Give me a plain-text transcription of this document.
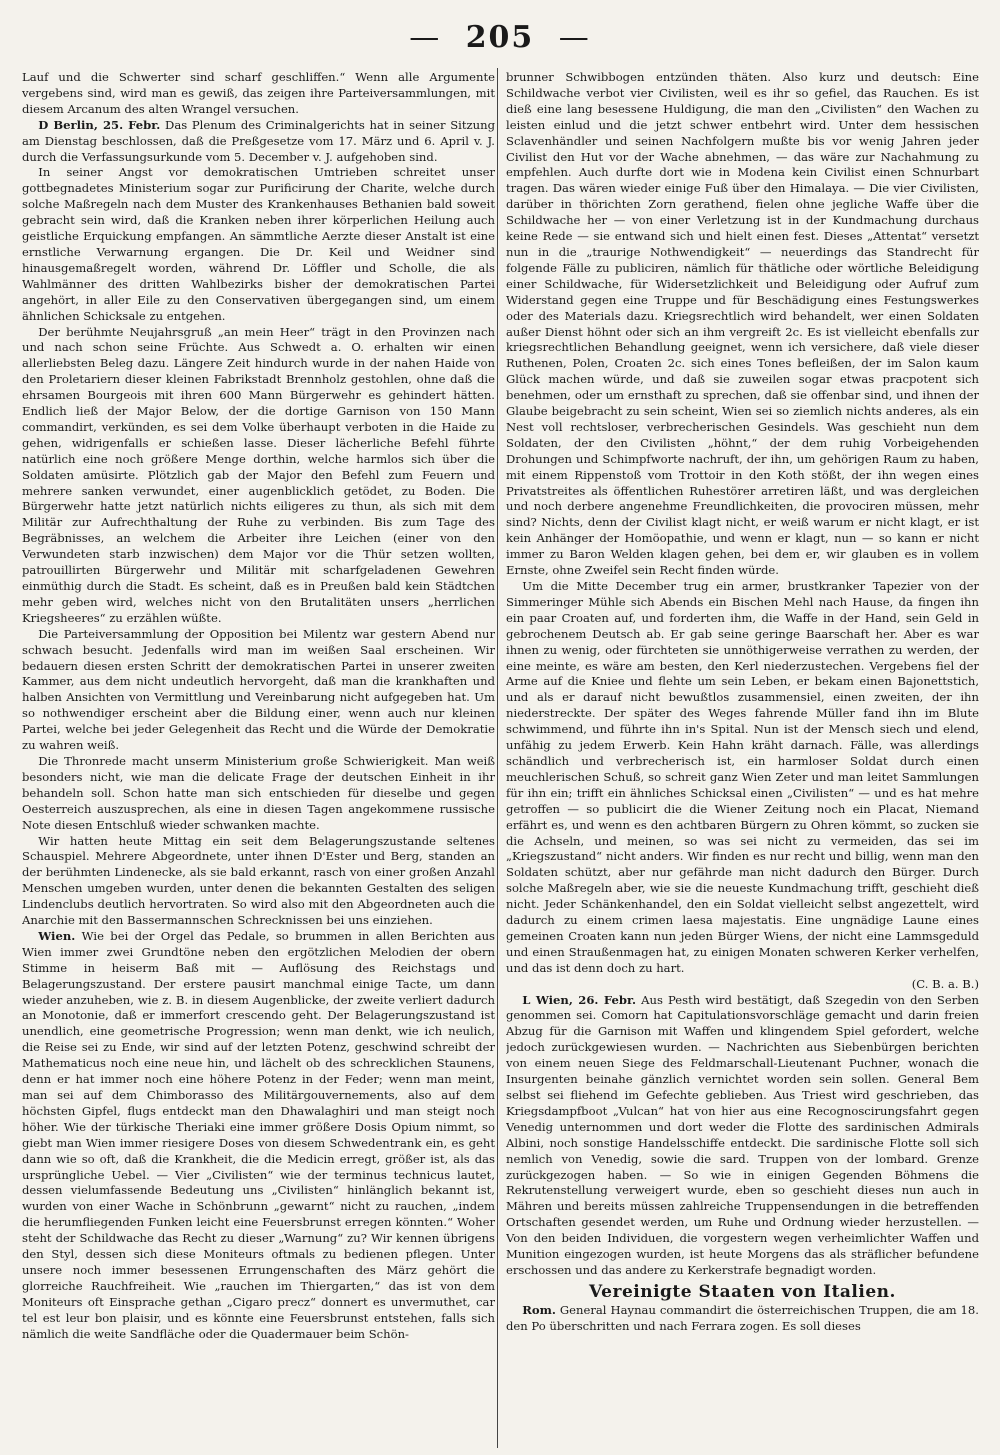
— 205 —

Lauf und die Schwerter sind scharf geschliffen.“ Wenn alle Argumente vergebens sind, wird man es gewiß, das zeigen ihre Parteiversammlungen, mit diesem Arcanum des alten Wrangel versuchen.

D Berlin, 25. Febr. Das Plenum des Criminalgerichts hat in seiner Sitzung am Dienstag beschlossen, daß die Preßgesetze vom 17. März und 6. April v. J. durch die Verfassungsurkunde vom 5. December v. J. aufgehoben sind.

In seiner Angst vor demokratischen Umtrieben schreitet unser gottbegnadetes Ministerium sogar zur Purificirung der Charite, welche durch solche Maßregeln nach dem Muster des Krankenhauses Bethanien bald soweit gebracht sein wird, daß die Kranken neben ihrer körperlichen Heilung auch geistliche Erquickung empfangen. An sämmtliche Aerzte dieser Anstalt ist eine ernstliche Verwarnung ergangen. Die Dr. Keil und Weidner sind hinausgemaßregelt worden, während Dr. Löffler und Scholle, die als Wahlmänner des dritten Wahlbezirks bisher der demokratischen Partei angehört, in aller Eile zu den Conservativen übergegangen sind, um einem ähnlichen Schicksale zu entgehen.

Der berühmte Neujahrsgruß „an mein Heer“ trägt in den Provinzen nach und nach schon seine Früchte. Aus Schwedt a. O. erhalten wir einen allerliebsten Beleg dazu. Längere Zeit hindurch wurde in der nahen Haide von den Proletariern dieser kleinen Fabrikstadt Brennholz gestohlen, ohne daß die ehrsamen Bourgeois mit ihren 600 Mann Bürgerwehr es gehindert hätten. Endlich ließ der Major Below, der die dortige Garnison von 150 Mann commandirt, verkünden, es sei dem Volke überhaupt verboten in die Haide zu gehen, widrigenfalls er schießen lasse. Dieser lächerliche Befehl führte natürlich eine noch größere Menge dorthin, welche harmlos sich über die Soldaten amüsirte. Plötzlich gab der Major den Befehl zum Feuern und mehrere sanken verwundet, einer augenblicklich getödet, zu Boden. Die Bürgerwehr hatte jetzt natürlich nichts eiligeres zu thun, als sich mit dem Militär zur Aufrechthaltung der Ruhe zu verbinden. Bis zum Tage des Begräbnisses, an welchem die Arbeiter ihre Leichen (einer von den Verwundeten starb inzwischen) dem Major vor die Thür setzen wollten, patrouillirten Bürgerwehr und Militär mit scharfgeladenen Gewehren einmüthig durch die Stadt. Es scheint, daß es in Preußen bald kein Städtchen mehr geben wird, welches nicht von den Brutalitäten unsers „herrlichen Kriegsheeres“ zu erzählen wüßte.

Die Parteiversammlung der Opposition bei Milentz war gestern Abend nur schwach besucht. Jedenfalls wird man im weißen Saal erscheinen. Wir bedauern diesen ersten Schritt der demokratischen Partei in unserer zweiten Kammer, aus dem nicht undeutlich hervorgeht, daß man die krankhaften und halben Ansichten von Vermittlung und Vereinbarung nicht aufgegeben hat. Um so nothwendiger erscheint aber die Bildung einer, wenn auch nur kleinen Partei, welche bei jeder Gelegenheit das Recht und die Würde der Demokratie zu wahren weiß.

Die Thronrede macht unserm Ministerium große Schwierigkeit. Man weiß besonders nicht, wie man die delicate Frage der deutschen Einheit in ihr behandeln soll. Schon hatte man sich entschieden für dieselbe und gegen Oesterreich auszusprechen, als eine in diesen Tagen angekommene russische Note diesen Entschluß wieder schwanken machte.

Wir hatten heute Mittag ein seit dem Belagerungszustande seltenes Schauspiel. Mehrere Abgeordnete, unter ihnen D'Ester und Berg, standen an der berühmten Lindenecke, als sie bald erkannt, rasch von einer großen Anzahl Menschen umgeben wurden, unter denen die bekannten Gestalten des seligen Lindenclubs deutlich hervortraten. So wird also mit den Abgeordneten auch die Anarchie mit den Bassermannschen Schrecknissen bei uns einziehen.

Wien. Wie bei der Orgel das Pedale, so brummen in allen Berichten aus Wien immer zwei Grundtöne neben den ergötzlichen Melodien der obern Stimme in heiserm Baß mit — Auflösung des Reichstags und Belagerungszustand. Der erstere pausirt manchmal einige Tacte, um dann wieder anzuheben, wie z. B. in diesem Augenblicke, der zweite verliert dadurch an Monotonie, daß er immerfort crescendo geht. Der Belagerungszustand ist unendlich, eine geometrische Progression; wenn man denkt, wie ich neulich, die Reise sei zu Ende, wir sind auf der letzten Potenz, geschwind schreibt der Mathematicus noch eine neue hin, und lächelt ob des schrecklichen Staunens, denn er hat immer noch eine höhere Potenz in der Feder; wenn man meint, man sei auf dem Chimborasso des Militärgouvernements, also auf dem höchsten Gipfel, flugs entdeckt man den Dhawalaghiri und man steigt noch höher. Wie der türkische Theriaki eine immer größere Dosis Opium nimmt, so giebt man Wien immer riesigere Doses von diesem Schwedentrank ein, es geht dann wie so oft, daß die Krankheit, die die Medicin erregt, größer ist, als das ursprüngliche Uebel. — Vier „Civilisten“ wie der terminus technicus lautet, dessen vielumfassende Bedeutung uns „Civilisten“ hinlänglich bekannt ist, wurden von einer Wache in Schönbrunn „gewarnt“ nicht zu rauchen, „indem die herumfliegenden Funken leicht eine Feuersbrunst erregen könnten.“ Woher steht der Schildwache das Recht zu dieser „Warnung“ zu? Wir kennen übrigens den Styl, dessen sich diese Moniteurs oftmals zu bedienen pflegen. Unter unsere noch immer besessenen Errungenschaften des März gehört die glorreiche Rauchfreiheit. Wie „rauchen im Thiergarten,“ das ist von dem Moniteurs oft Einsprache gethan „Cigaro precz“ donnert es unvermuthet, car tel est leur bon plaisir, und es könnte eine Feuersbrunst entstehen, falls sich nämlich die weite Sandfläche oder die Quadermauer beim Schön-

brunner Schwibbogen entzünden thäten. Also kurz und deutsch: Eine Schildwache verbot vier Civilisten, weil es ihr so gefiel, das Rauchen. Es ist dieß eine lang besessene Huldigung, die man den „Civilisten“ den Wachen zu leisten einlud und die jetzt schwer entbehrt wird. Unter dem hessischen Sclavenhändler und seinen Nachfolgern mußte bis vor wenig Jahren jeder Civilist den Hut vor der Wache abnehmen, — das wäre zur Nachahmung zu empfehlen. Auch durfte dort wie in Modena kein Civilist einen Schnurbart tragen. Das wären wieder einige Fuß über den Himalaya. — Die vier Civilisten, darüber in thörichten Zorn gerathend, fielen ohne jegliche Waffe über die Schildwache her — von einer Verletzung ist in der Kundmachung durchaus keine Rede — sie entwand sich und hielt einen fest. Dieses „Attentat“ versetzt nun in die „traurige Nothwendigkeit“ — neuerdings das Standrecht für folgende Fälle zu publiciren, nämlich für thätliche oder wörtliche Beleidigung einer Schildwache, für Widersetzlichkeit und Beleidigung oder Aufruf zum Widerstand gegen eine Truppe und für Beschädigung eines Festungswerkes oder des Materials dazu. Kriegsrechtlich wird behandelt, wer einen Soldaten außer Dienst höhnt oder sich an ihm vergreift 2c. Es ist vielleicht ebenfalls zur kriegsrechtlichen Behandlung geeignet, wenn ich versichere, daß viele dieser Ruthenen, Polen, Croaten 2c. sich eines Tones befleißen, der im Salon kaum Glück machen würde, und daß sie zuweilen sogar etwas pracpotent sich benehmen, oder um ernsthaft zu sprechen, daß sie offenbar sind, und ihnen der Glaube beigebracht zu sein scheint, Wien sei so ziemlich nichts anderes, als ein Nest voll rechtsloser, verbrecherischen Gesindels. Was geschieht nun dem Soldaten, der den Civilisten „höhnt,“ der dem ruhig Vorbeigehenden Drohungen und Schimpfworte nachruft, der ihn, um gehörigen Raum zu haben, mit einem Rippenstoß vom Trottoir in den Koth stößt, der ihn wegen eines Privatstreites als öffentlichen Ruhestörer arretiren läßt, und was dergleichen und noch derbere angenehme Freundlichkeiten, die provociren müssen, mehr sind? Nichts, denn der Civilist klagt nicht, er weiß warum er nicht klagt, er ist kein Anhänger der Homöopathie, und wenn er klagt, nun — so kann er nicht immer zu Baron Welden klagen gehen, bei dem er, wir glauben es in vollem Ernste, ohne Zweifel sein Recht finden würde.

Um die Mitte December trug ein armer, brustkranker Tapezier von der Simmeringer Mühle sich Abends ein Bischen Mehl nach Hause, da fingen ihn ein paar Croaten auf, und forderten ihm, die Waffe in der Hand, sein Geld in gebrochenem Deutsch ab. Er gab seine geringe Baarschaft her. Aber es war ihnen zu wenig, oder fürchteten sie unnöthigerweise verrathen zu werden, der eine meinte, es wäre am besten, den Kerl niederzustechen. Vergebens fiel der Arme auf die Kniee und flehte um sein Leben, er bekam einen Bajonettstich, und als er darauf nicht bewußtlos zusammensiel, einen zweiten, der ihn niederstreckte. Der später des Weges fahrende Müller fand ihn im Blute schwimmend, und führte ihn in's Spital. Nun ist der Mensch siech und elend, unfähig zu jedem Erwerb. Kein Hahn kräht darnach. Fälle, was allerdings schändlich und verbrecherisch ist, ein harmloser Soldat durch einen meuchlerischen Schuß, so schreit ganz Wien Zeter und man leitet Sammlungen für ihn ein; trifft ein ähnliches Schicksal einen „Civilisten“ — und es hat mehre getroffen — so publicirt die die Wiener Zeitung noch ein Placat, Niemand erfährt es, und wenn es den achtbaren Bürgern zu Ohren kömmt, so zucken sie die Achseln, und meinen, so was sei nicht zu vermeiden, das sei im „Kriegszustand“ nicht anders. Wir finden es nur recht und billig, wenn man den Soldaten schützt, aber nur gefährde man nicht dadurch den Bürger. Durch solche Maßregeln aber, wie sie die neueste Kundmachung trifft, geschieht dieß nicht. Jeder Schänkenhandel, den ein Soldat vielleicht selbst angezettelt, wird dadurch zu einem crimen laesa majestatis. Eine ungnädige Laune eines gemeinen Croaten kann nun jeden Bürger Wiens, der nicht eine Lammsgeduld und einen Straußenmagen hat, zu einigen Monaten schweren Kerker verhelfen, und das ist denn doch zu hart.

(C. B. a. B.)

L Wien, 26. Febr. Aus Pesth wird bestätigt, daß Szegedin von den Serben genommen sei. Comorn hat Capitulationsvorschläge gemacht und darin freien Abzug für die Garnison mit Waffen und klingendem Spiel gefordert, welche jedoch zurückgewiesen wurden. — Nachrichten aus Siebenbürgen berichten von einem neuen Siege des Feldmarschall-Lieutenant Puchner, wonach die Insurgenten beinahe gänzlich vernichtet worden sein sollen. General Bem selbst sei fliehend im Gefechte geblieben. Aus Triest wird geschrieben, das Kriegsdampfboot „Vulcan“ hat von hier aus eine Recognoscirungsfahrt gegen Venedig unternommen und dort weder die Flotte des sardinischen Admirals Albini, noch sonstige Handelsschiffe entdeckt. Die sardinische Flotte soll sich nemlich von Venedig, sowie die sard. Truppen von der lombard. Grenze zurückgezogen haben. — So wie in einigen Gegenden Böhmens die Rekrutenstellung verweigert wurde, eben so geschieht dieses nun auch in Mähren und bereits müssen zahlreiche Truppensendungen in die betreffenden Ortschaften gesendet werden, um Ruhe und Ordnung wieder herzustellen. — Von den beiden Individuen, die vorgestern wegen verheimlichter Waffen und Munition eingezogen wurden, ist heute Morgens das als sträflicher befundene erschossen und das andere zu Kerkerstrafe begnadigt worden.

Vereinigte Staaten von Italien.

Rom. General Haynau commandirt die österreichischen Truppen, die am 18. den Po überschritten und nach Ferrara zogen. Es soll dieses
